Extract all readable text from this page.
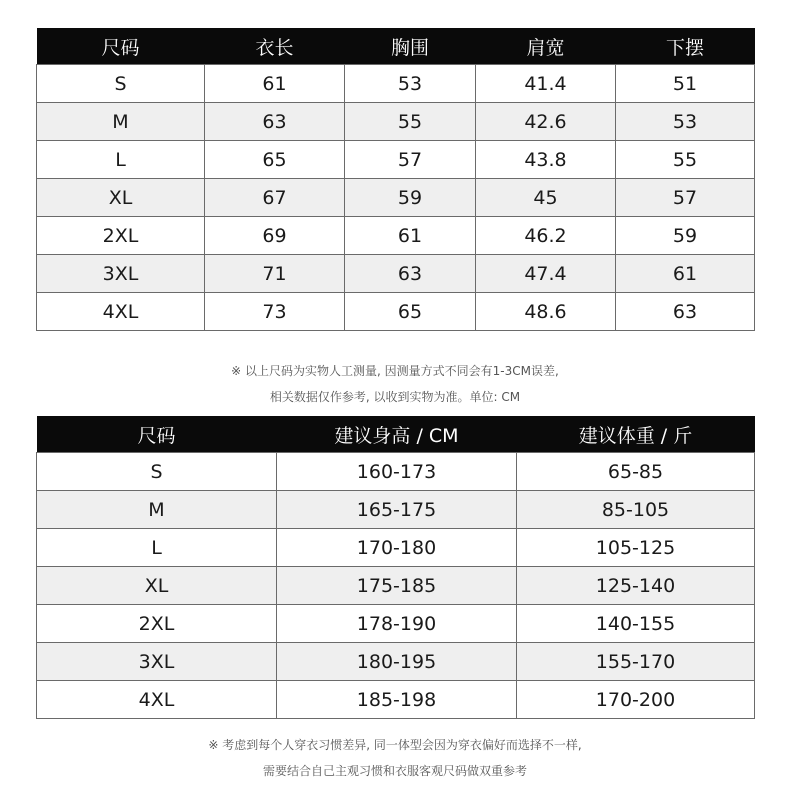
尺码	衣长	胸围	肩宽	下摆
S	61	53	41.4	51
M	63	55	42.6	53
L	65	57	43.8	55
XL	67	59	45	57
2XL	69	61	46.2	59
3XL	71	63	47.4	61
4XL	73	65	48.6	63
※ 以上尺码为实物人工测量, 因测量方式不同会有1-3CM误差,
相关数据仅作参考, 以收到实物为准。单位: CM
尺码	建议身高 / CM	建议体重 / 斤
S	160-173	65-85
M	165-175	85-105
L	170-180	105-125
XL	175-185	125-140
2XL	178-190	140-155
3XL	180-195	155-170
4XL	185-198	170-200
※ 考虑到每个人穿衣习惯差异, 同一体型会因为穿衣偏好而选择不一样,
需要结合自己主观习惯和衣服客观尺码做双重参考
